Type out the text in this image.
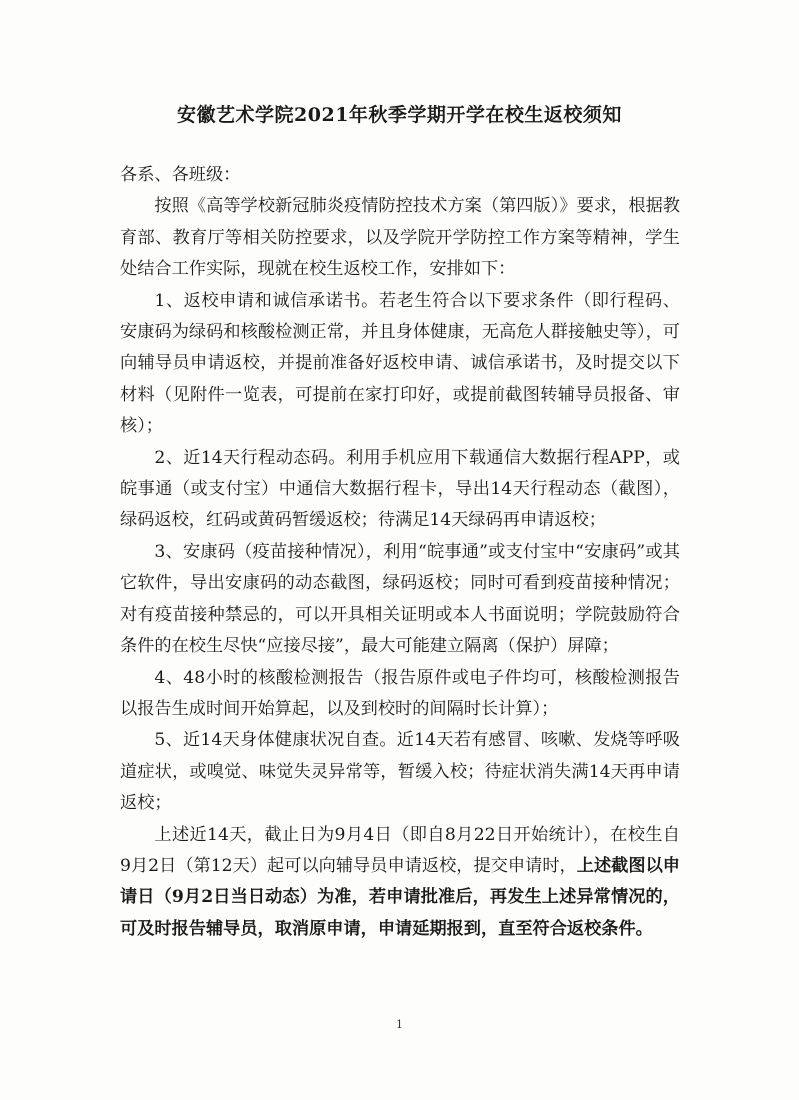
安徽艺术学院2021年秋季学期开学在校生返校须知

各系、各班级：

按照《高等学校新冠肺炎疫情防控技术方案（第四版）》要求，根据教育部、教育厅等相关防控要求，以及学院开学防控工作方案等精神，学生处结合工作实际，现就在校生返校工作，安排如下：

1、返校申请和诚信承诺书。若老生符合以下要求条件（即行程码、安康码为绿码和核酸检测正常，并且身体健康，无高危人群接触史等），可向辅导员申请返校，并提前准备好返校申请、诚信承诺书，及时提交以下材料（见附件一览表，可提前在家打印好，或提前截图转辅导员报备、审核）；

2、近14天行程动态码。利用手机应用下载通信大数据行程APP，或皖事通（或支付宝）中通信大数据行程卡，导出14天行程动态（截图），绿码返校，红码或黄码暂缓返校；待满足14天绿码再申请返校；

3、安康码（疫苗接种情况），利用“皖事通”或支付宝中“安康码”或其它软件，导出安康码的动态截图，绿码返校；同时可看到疫苗接种情况；对有疫苗接种禁忌的，可以开具相关证明或本人书面说明；学院鼓励符合条件的在校生尽快“应接尽接”，最大可能建立隔离（保护）屏障；

4、48小时的核酸检测报告（报告原件或电子件均可，核酸检测报告以报告生成时间开始算起，以及到校时的间隔时长计算）；

5、近14天身体健康状况自查。近14天若有感冒、咳嗽、发烧等呼吸道症状，或嗅觉、味觉失灵异常等，暂缓入校；待症状消失满14天再申请返校；

上述近14天，截止日为9月4日（即自8月22日开始统计），在校生自9月2日（第12天）起可以向辅导员申请返校，提交申请时，上述截图以申请日（9月2日当日动态）为准，若申请批准后，再发生上述异常情况的，可及时报告辅导员，取消原申请，申请延期报到，直至符合返校条件。

1
